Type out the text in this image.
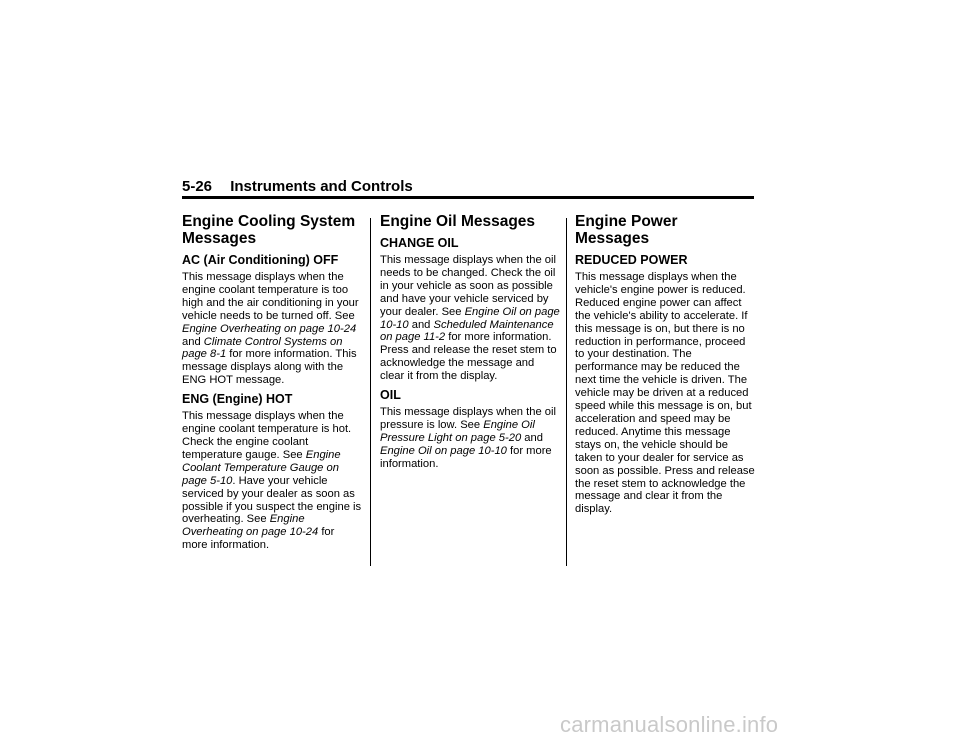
5-26 Instruments and Controls
Engine Cooling System Messages
AC (Air Conditioning) OFF

This message displays when the engine coolant temperature is too high and the air conditioning in your vehicle needs to be turned off. See Engine Overheating on page 10-24 and Climate Control Systems on page 8-1 for more information. This message displays along with the ENG HOT message.

ENG (Engine) HOT

This message displays when the engine coolant temperature is hot. Check the engine coolant temperature gauge. See Engine Coolant Temperature Gauge on page 5-10. Have your vehicle serviced by your dealer as soon as possible if you suspect the engine is overheating. See Engine Overheating on page 10-24 for more information.

Engine Oil Messages
CHANGE OIL

This message displays when the oil needs to be changed. Check the oil in your vehicle as soon as possible and have your vehicle serviced by your dealer. See Engine Oil on page 10-10 and Scheduled Maintenance on page 11-2 for more information. Press and release the reset stem to acknowledge the message and clear it from the display.

OIL

This message displays when the oil pressure is low. See Engine Oil Pressure Light on page 5-20 and Engine Oil on page 10-10 for more information.

Engine Power Messages
REDUCED POWER

This message displays when the vehicle's engine power is reduced. Reduced engine power can affect the vehicle's ability to accelerate. If this message is on, but there is no reduction in performance, proceed to your destination. The performance may be reduced the next time the vehicle is driven. The vehicle may be driven at a reduced speed while this message is on, but acceleration and speed may be reduced. Anytime this message stays on, the vehicle should be taken to your dealer for service as soon as possible. Press and release the reset stem to acknowledge the message and clear it from the display.

carmanualsonline.info
